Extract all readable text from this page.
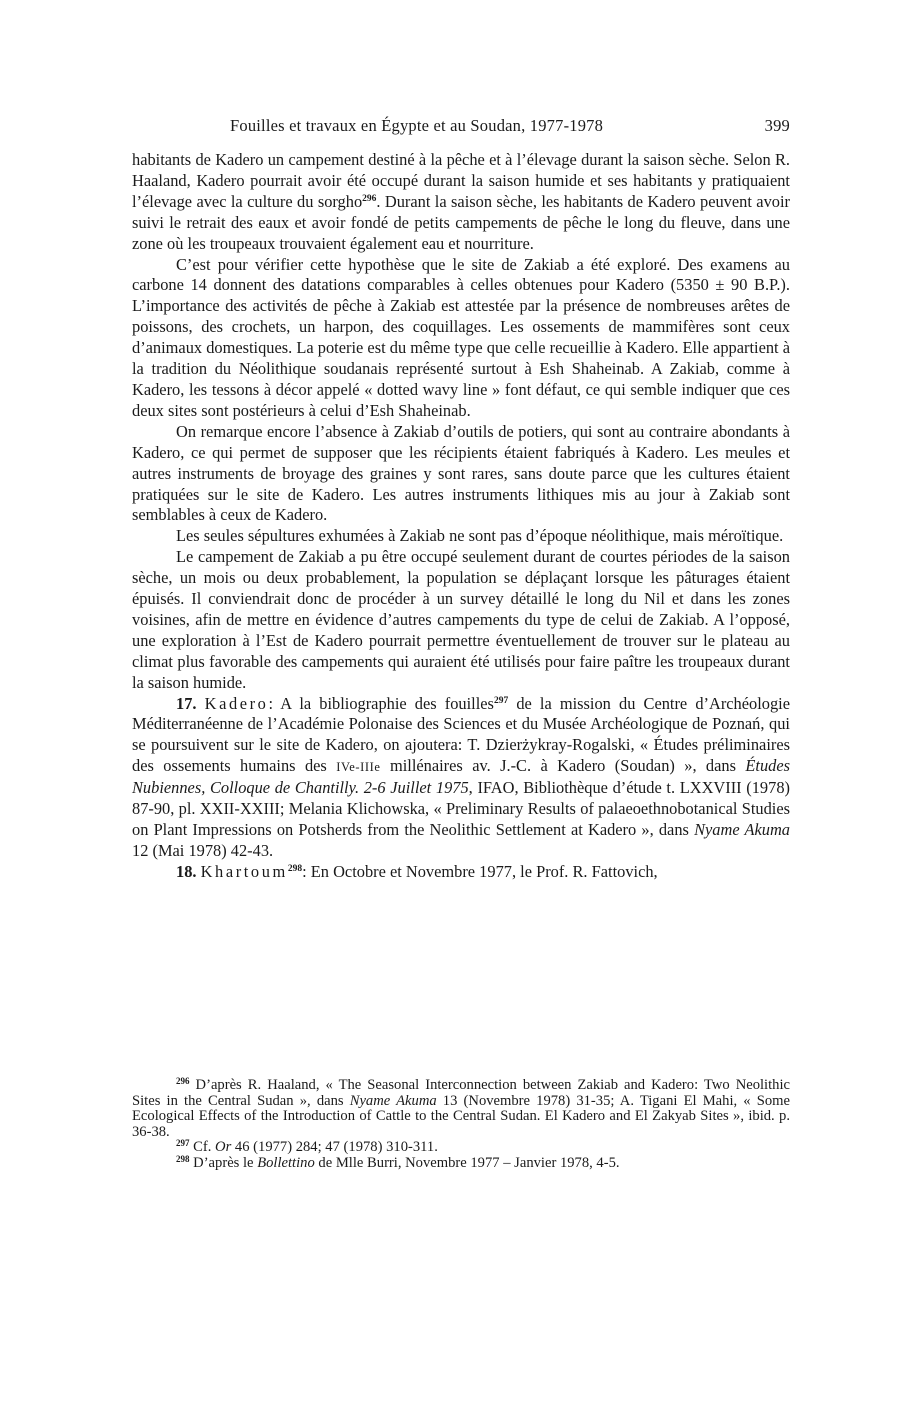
Fouilles et travaux en Égypte et au Soudan, 1977-1978	399

habitants de Kadero un campement destiné à la pêche et à l’élevage durant la saison sèche. Selon R. Haaland, Kadero pourrait avoir été occupé durant la saison humide et ses habitants y pratiquaient l’élevage avec la culture du sorgho$^{296}$. Durant la saison sèche, les habitants de Kadero peuvent avoir suivi le retrait des eaux et avoir fondé de petits campements de pêche le long du fleuve, dans une zone où les troupeaux trouvaient également eau et nourriture.

C’est pour vérifier cette hypothèse que le site de Zakiab a été exploré. Des examens au carbone 14 donnent des datations comparables à celles obtenues pour Kadero (5350 ± 90 B.P.). L’importance des activités de pêche à Zakiab est attestée par la présence de nombreuses arêtes de poissons, des crochets, un harpon, des coquillages. Les ossements de mammifères sont ceux d’animaux domestiques. La poterie est du même type que celle recueillie à Kadero. Elle appartient à la tradition du Néolithique soudanais représenté surtout à Esh Shaheinab. A Zakiab, comme à Kadero, les tessons à décor appelé « dotted wavy line » font défaut, ce qui semble indiquer que ces deux sites sont postérieurs à celui d’Esh Shaheinab.

On remarque encore l’absence à Zakiab d’outils de potiers, qui sont au contraire abondants à Kadero, ce qui permet de supposer que les récipients étaient fabriqués à Kadero. Les meules et autres instruments de broyage des graines y sont rares, sans doute parce que les cultures étaient pratiquées sur le site de Kadero. Les autres instruments lithiques mis au jour à Zakiab sont semblables à ceux de Kadero.

Les seules sépultures exhumées à Zakiab ne sont pas d’époque néolithique, mais méroïtique.

Le campement de Zakiab a pu être occupé seulement durant de courtes périodes de la saison sèche, un mois ou deux probablement, la population se déplaçant lorsque les pâturages étaient épuisés. Il conviendrait donc de procéder à un survey détaillé le long du Nil et dans les zones voisines, afin de mettre en évidence d’autres campements du type de celui de Zakiab. A l’opposé, une exploration à l’Est de Kadero pourrait permettre éventuellement de trouver sur le plateau au climat plus favorable des campements qui auraient été utilisés pour faire paître les troupeaux durant la saison humide.

17. Kadero: A la bibliographie des fouilles$^{297}$ de la mission du Centre d’Archéologie Méditerranéenne de l’Académie Polonaise des Sciences et du Musée Archéologique de Poznań, qui se poursuivent sur le site de Kadero, on ajoutera: T. Dzierżykray-Rogalski, « Études préliminaires des ossements humains des IVe-IIIe millénaires av. J.-C. à Kadero (Soudan) », dans Études Nubiennes, Colloque de Chantilly. 2-6 Juillet 1975, IFAO, Bibliothèque d’étude t. LXXVIII (1978) 87-90, pl. XXII-XXIII; Melania Klichowska, « Preliminary Results of palaeoethnobotanical Studies on Plant Impressions on Potsherds from the Neolithic Settlement at Kadero », dans Nyame Akuma 12 (Mai 1978) 42-43.

18. Khartoum$^{298}$: En Octobre et Novembre 1977, le Prof. R. Fattovich,

$^{296}$ D’après R. Haaland, « The Seasonal Interconnection between Zakiab and Kadero: Two Neolithic Sites in the Central Sudan », dans Nyame Akuma 13 (Novembre 1978) 31-35; A. Tigani El Mahi, « Some Ecological Effects of the Introduction of Cattle to the Central Sudan. El Kadero and El Zakyab Sites », ibid. p. 36-38.

$^{297}$ Cf. Or 46 (1977) 284; 47 (1978) 310-311.

$^{298}$ D’après le Bollettino de Mlle Burri, Novembre 1977 – Janvier 1978, 4-5.
